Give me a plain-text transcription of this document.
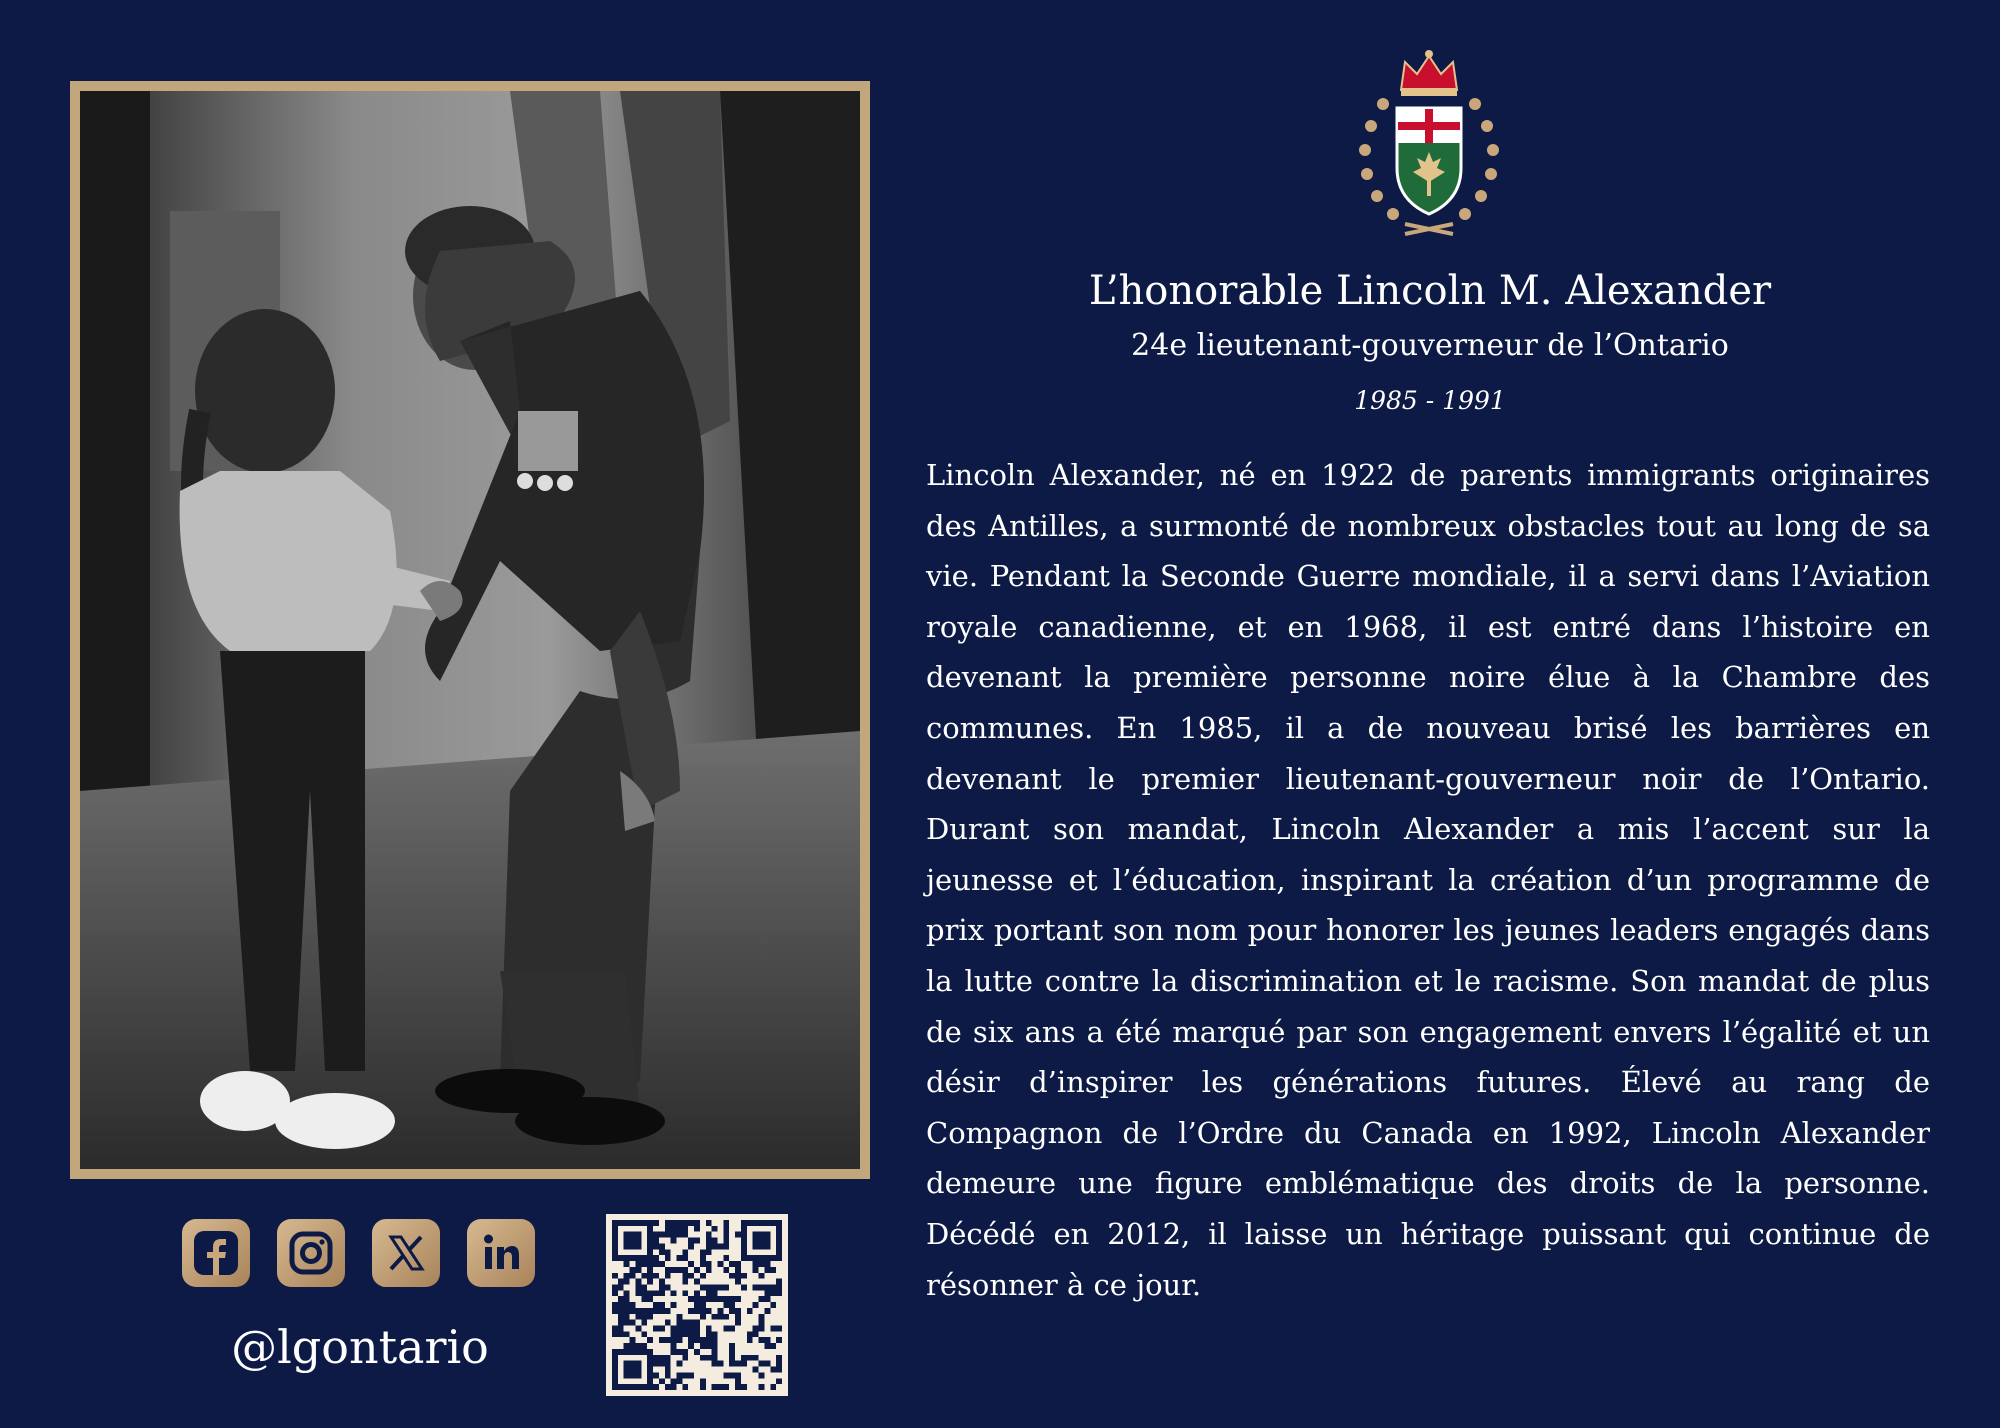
@lgontario
L’honorable Lincoln M. Alexander
24e lieutenant-gouverneur de l’Ontario
1985 - 1991

Lincoln Alexander, né en 1922 de parents immigrants originaires des Antilles, a surmonté de nombreux obstacles tout au long de sa vie. Pendant la Seconde Guerre mondiale, il a servi dans l’Aviation royale canadienne, et en 1968, il est entré dans l’histoire en devenant la première personne noire élue à la Chambre des communes. En 1985, il a de nouveau brisé les barrières en devenant le premier lieutenant-gouverneur noir de l’Ontario. Durant son mandat, Lincoln Alexander a mis l’accent sur la jeunesse et l’éducation, inspirant la création d’un programme de prix portant son nom pour honorer les jeunes leaders engagés dans la lutte contre la discrimination et le racisme. Son mandat de plus de six ans a été marqué par son engagement envers l’égalité et un désir d’inspirer les générations futures. Élevé au rang de Compagnon de l’Ordre du Canada en 1992, Lincoln Alexander demeure une figure emblématique des droits de la personne. Décédé en 2012, il laisse un héritage puissant qui continue de résonner à ce jour.
